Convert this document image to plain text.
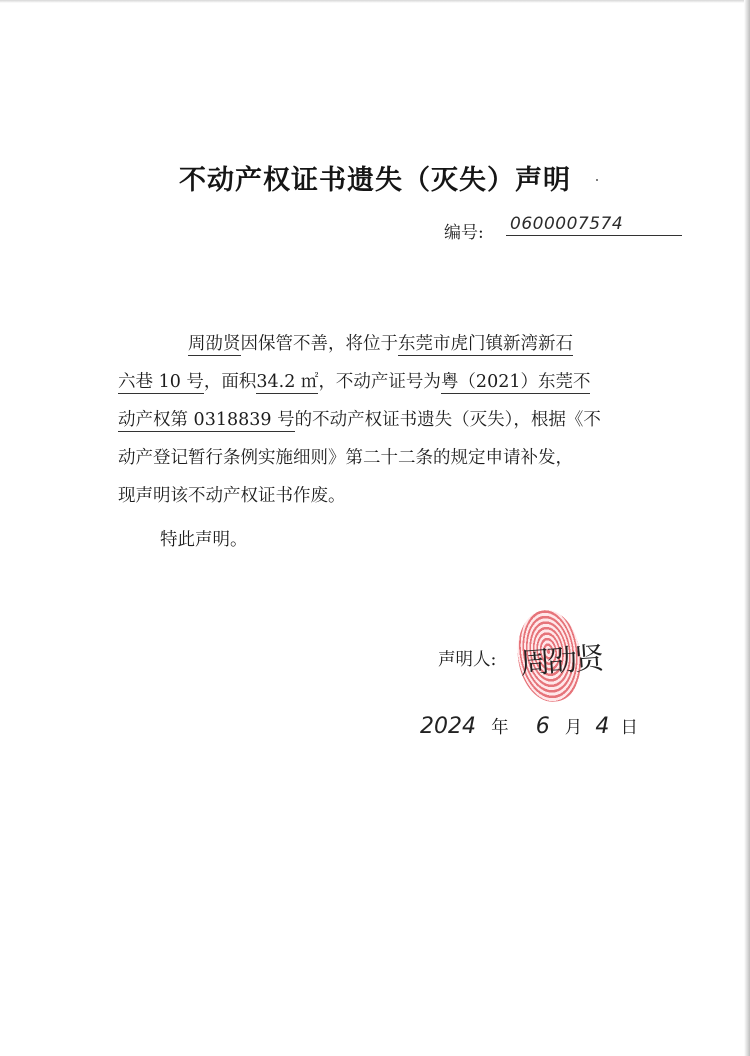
不动产权证书遗失（灭失）声明
编号: 0600007574
周劭贤因保管不善，将位于东莞市虎门镇新湾新石
六巷 10 号，面积34.2 ㎡，不动产证号为粤（2021）东莞不
动产权第 0318839 号的不动产权证书遗失（灭失），根据《不
动产登记暂行条例实施细则》第二十二条的规定申请补发，
现声明该不动产权证书作废。
特此声明。
声明人: 周劭贤
2024 年 6 月 4 日
